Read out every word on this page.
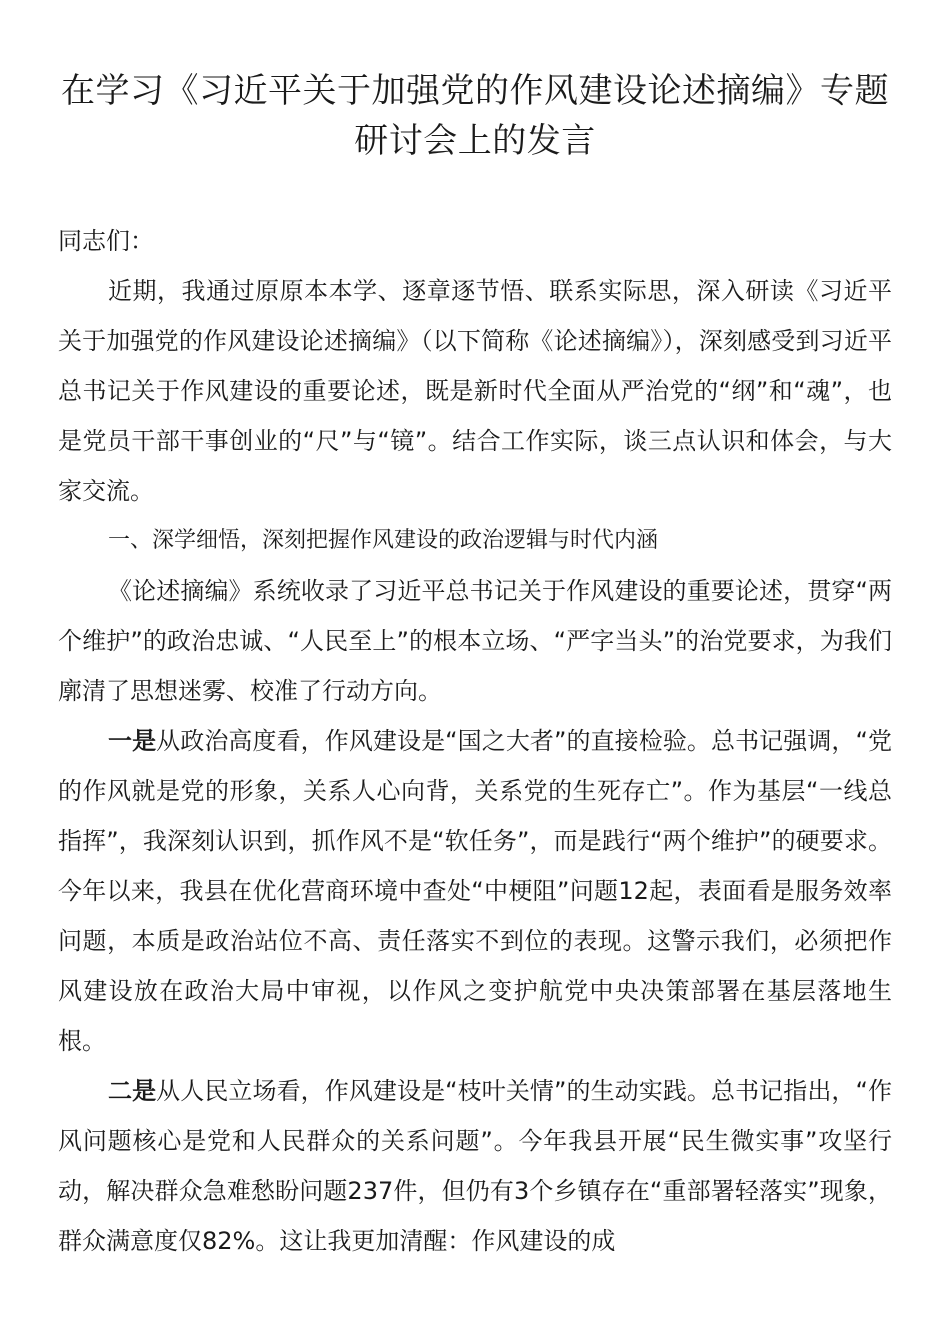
在学习《习近平关于加强党的作风建设论述摘编》专题研讨会上的发言

同志们：

近期，我通过原原本本学、逐章逐节悟、联系实际思，深入研读《习近平关于加强党的作风建设论述摘编》（以下简称《论述摘编》），深刻感受到习近平总书记关于作风建设的重要论述，既是新时代全面从严治党的“纲”和“魂”，也是党员干部干事创业的“尺”与“镜”。结合工作实际，谈三点认识和体会，与大家交流。

一、深学细悟，深刻把握作风建设的政治逻辑与时代内涵

《论述摘编》系统收录了习近平总书记关于作风建设的重要论述，贯穿“两个维护”的政治忠诚、“人民至上”的根本立场、“严字当头”的治党要求，为我们廓清了思想迷雾、校准了行动方向。

一是从政治高度看，作风建设是“国之大者”的直接检验。总书记强调，“党的作风就是党的形象，关系人心向背，关系党的生死存亡”。作为基层“一线总指挥”，我深刻认识到，抓作风不是“软任务”，而是践行“两个维护”的硬要求。今年以来，我县在优化营商环境中查处“中梗阻”问题12起，表面看是服务效率问题，本质是政治站位不高、责任落实不到位的表现。这警示我们，必须把作风建设放在政治大局中审视，以作风之变护航党中央决策部署在基层落地生根。

二是从人民立场看，作风建设是“枝叶关情”的生动实践。总书记指出，“作风问题核心是党和人民群众的关系问题”。今年我县开展“民生微实事”攻坚行动，解决群众急难愁盼问题237件，但仍有3个乡镇存在“重部署轻落实”现象，群众满意度仅82%。这让我更加清醒：作风建设的成
